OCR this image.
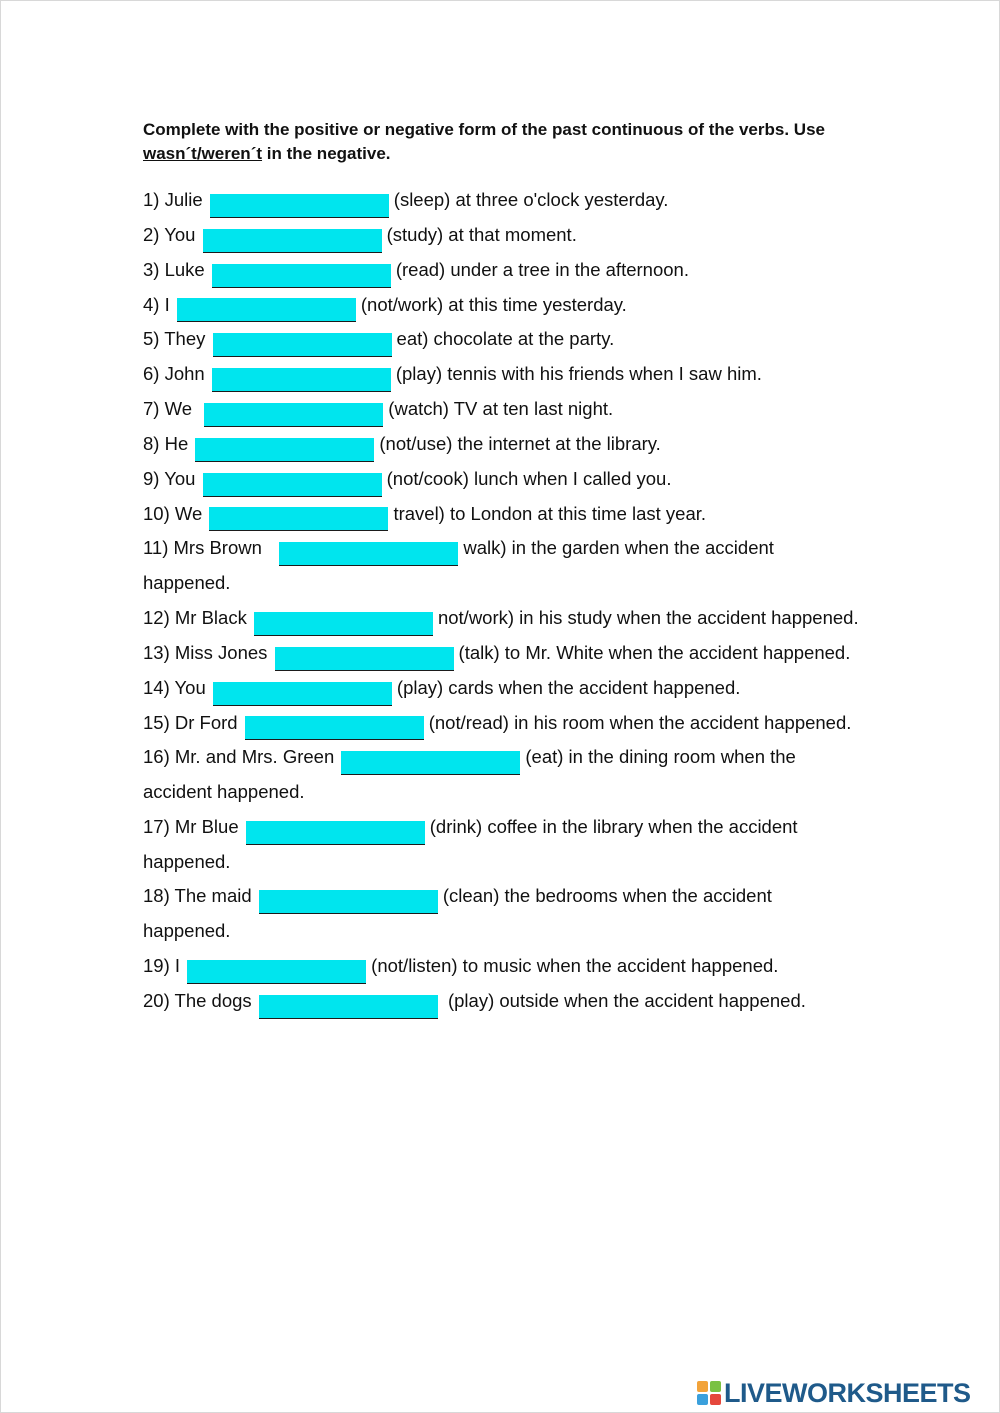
Complete with the positive or negative form of the past continuous of the verbs. Use wasn´t/weren´t in the negative.
1) Julie	(sleep) at three o'clock yesterday.
2) You	(study) at that moment.
3) Luke	(read) under a tree in the afternoon.
4) I	(not/work) at this time yesterday.
5) They	eat) chocolate at the party.
6) John	(play) tennis with his friends when I saw him.
7) We	(watch) TV at ten last night.
8) He	(not/use) the internet at the library.
9) You	(not/cook) lunch when I called you.
10) We	travel) to London at this time last year.
11) Mrs Brown	walk) in the garden when the accident happened.
12) Mr Black	not/work) in his study when the accident happened.
13) Miss Jones	(talk) to Mr. White when the accident happened.
14) You	(play) cards when the accident happened.
15) Dr Ford	(not/read) in his room when the accident happened.
16) Mr. and Mrs. Green	(eat) in the dining room when the accident happened.
17) Mr Blue	(drink) coffee in the library when the accident happened.
18) The maid	(clean) the bedrooms when the accident happened.
19) I	(not/listen) to music when the accident happened.
20) The dogs	(play) outside when the accident happened.
LIVEWORKSHEETS
